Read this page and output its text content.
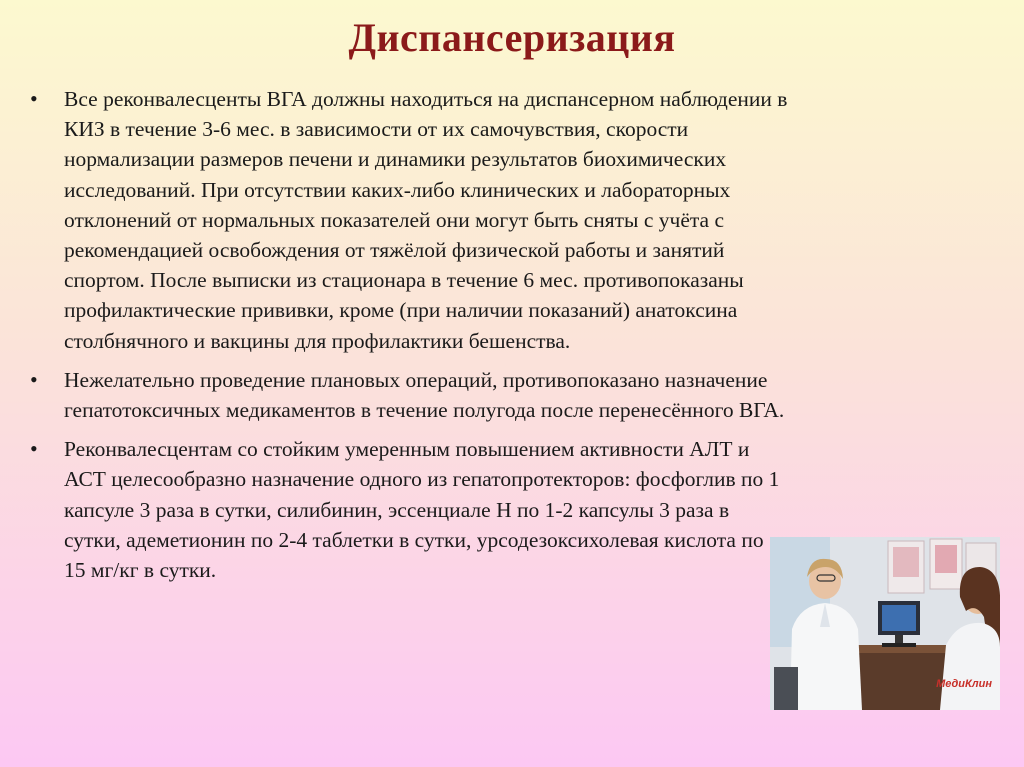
Диспансеризация
•	Все реконвалесценты ВГА должны находиться на диспансерном наблюдении в КИЗ в течение 3-6 мес. в зависимости от их самочувствия, скорости нормализации размеров печени и динамики результатов биохимических исследований. При отсутствии каких-либо клинических и лабораторных отклонений от нормальных показателей они могут быть сняты с учёта с рекомендацией освобождения от тяжёлой физической работы и занятий спортом. После выписки из стационара в течение 6 мес. противопоказаны профилактические прививки, кроме (при наличии показаний) анатоксина столбнячного и вакцины для профилактики бешенства.
•	Нежелательно проведение плановых операций, противопоказано назначение гепатотоксичных медикаментов в течение полугода после перенесённого ВГА.
•	Реконвалесцентам со стойким умеренным повышением активности АЛТ и АСТ целесообразно назначение одного из гепатопротекторов: фосфоглив по 1 капсуле 3 раза в сутки, силибинин, эссенциале Н по 1-2 капсулы 3 раза в сутки, адеметионин по 2-4 таблетки в сутки, урсодезоксихолевая кислота по 15 мг/кг в сутки.
МедиКлин
